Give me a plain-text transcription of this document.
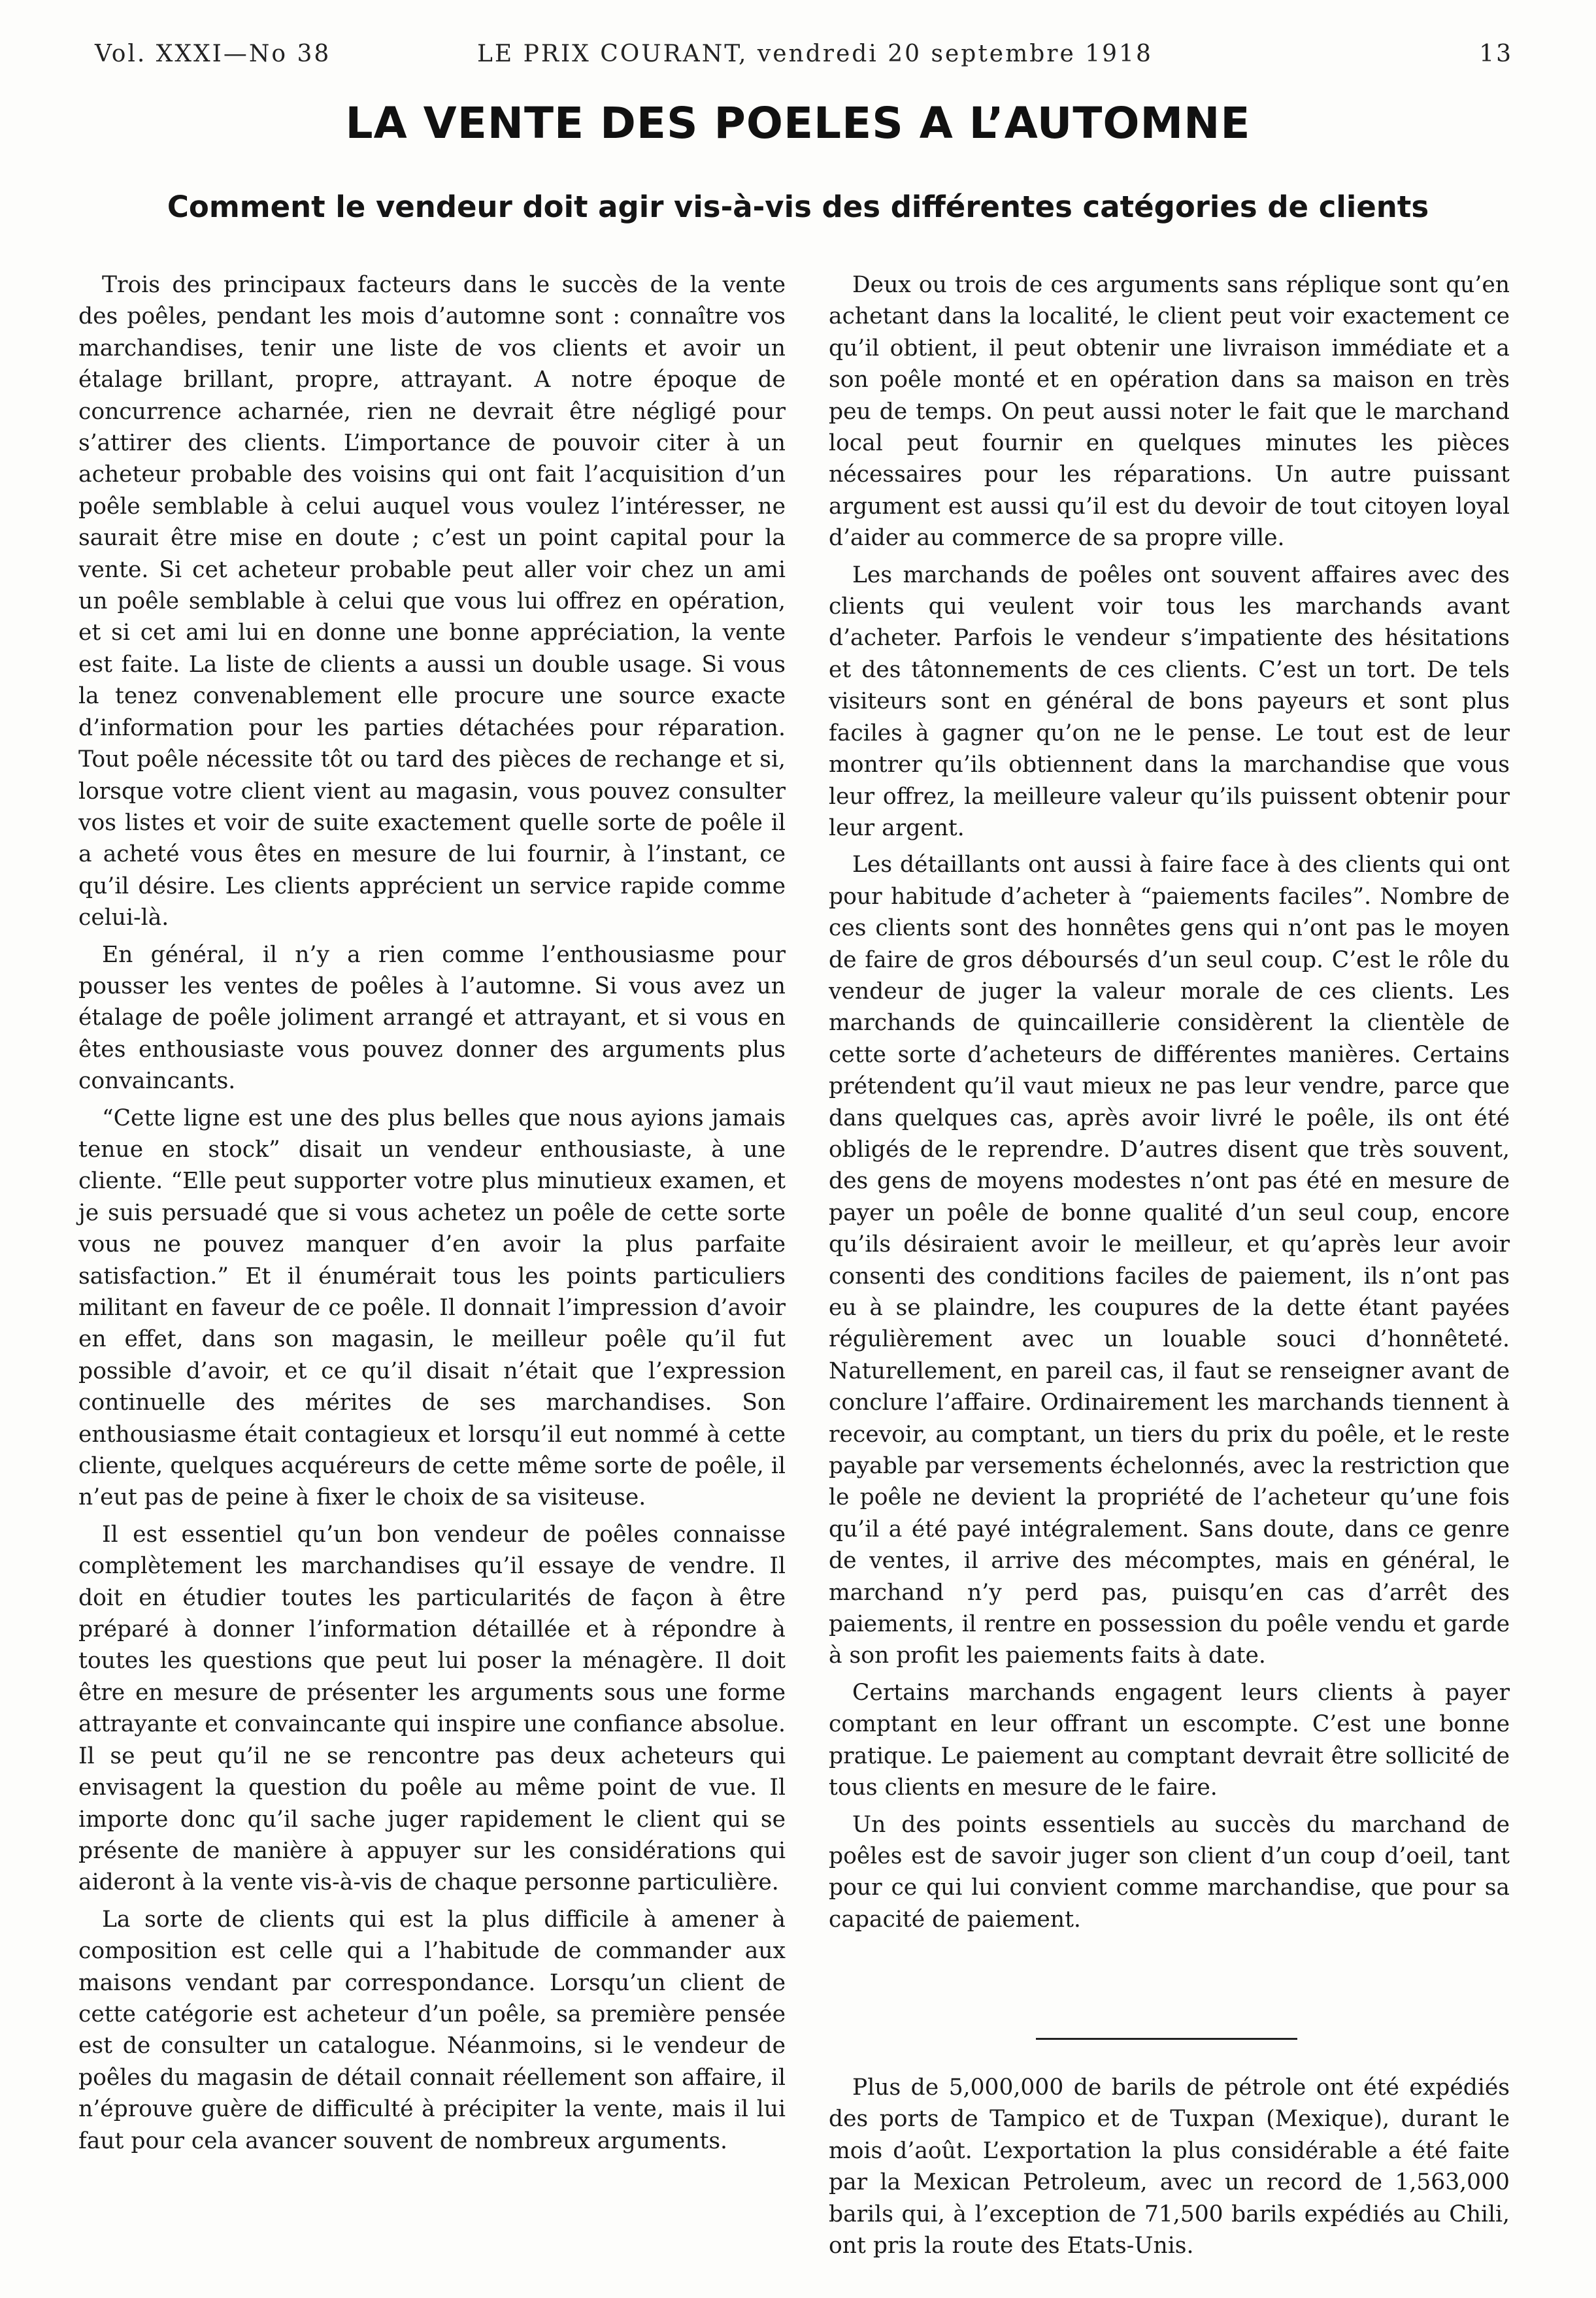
Vol. XXXI—No 38	LE PRIX COURANT, vendredi 20 septembre 1918	13
LA VENTE DES POELES A L’AUTOMNE
Comment le vendeur doit agir vis-à-vis des différentes catégories de clients

Trois des principaux facteurs dans le succès de la vente des poêles, pendant les mois d’automne sont : connaître vos marchandises, tenir une liste de vos clients et avoir un étalage brillant, propre, attrayant. A notre époque de concurrence acharnée, rien ne devrait être négligé pour s’attirer des clients. L’importance de pouvoir citer à un acheteur probable des voisins qui ont fait l’acquisition d’un poêle semblable à celui auquel vous voulez l’intéresser, ne saurait être mise en doute ; c’est un point capital pour la vente. Si cet acheteur probable peut aller voir chez un ami un poêle semblable à celui que vous lui offrez en opération, et si cet ami lui en donne une bonne appréciation, la vente est faite. La liste de clients a aussi un double usage. Si vous la tenez convenablement elle procure une source exacte d’information pour les parties détachées pour réparation. Tout poêle nécessite tôt ou tard des pièces de rechange et si, lorsque votre client vient au magasin, vous pouvez consulter vos listes et voir de suite exactement quelle sorte de poêle il a acheté vous êtes en mesure de lui fournir, à l’instant, ce qu’il désire. Les clients apprécient un service rapide comme celui-là.

En général, il n’y a rien comme l’enthousiasme pour pousser les ventes de poêles à l’automne. Si vous avez un étalage de poêle joliment arrangé et attrayant, et si vous en êtes enthousiaste vous pouvez donner des arguments plus convaincants.

“Cette ligne est une des plus belles que nous ayions jamais tenue en stock” disait un vendeur enthousiaste, à une cliente. “Elle peut supporter votre plus minutieux examen, et je suis persuadé que si vous achetez un poêle de cette sorte vous ne pouvez manquer d’en avoir la plus parfaite satisfaction.” Et il énumérait tous les points particuliers militant en faveur de ce poêle. Il donnait l’impression d’avoir en effet, dans son magasin, le meilleur poêle qu’il fut possible d’avoir, et ce qu’il disait n’était que l’expression continuelle des mérites de ses marchandises. Son enthousiasme était contagieux et lorsqu’il eut nommé à cette cliente, quelques acquéreurs de cette même sorte de poêle, il n’eut pas de peine à fixer le choix de sa visiteuse.

Il est essentiel qu’un bon vendeur de poêles connaisse complètement les marchandises qu’il essaye de vendre. Il doit en étudier toutes les particularités de façon à être préparé à donner l’information détaillée et à répondre à toutes les questions que peut lui poser la ménagère. Il doit être en mesure de présenter les arguments sous une forme attrayante et convaincante qui inspire une confiance absolue. Il se peut qu’il ne se rencontre pas deux acheteurs qui envisagent la question du poêle au même point de vue. Il importe donc qu’il sache juger rapidement le client qui se présente de manière à appuyer sur les considérations qui aideront à la vente vis-à-vis de chaque personne particulière.

La sorte de clients qui est la plus difficile à amener à composition est celle qui a l’habitude de commander aux maisons vendant par correspondance. Lorsqu’un client de cette catégorie est acheteur d’un poêle, sa première pensée est de consulter un catalogue. Néanmoins, si le vendeur de poêles du magasin de détail connait réellement son affaire, il n’éprouve guère de difficulté à précipiter la vente, mais il lui faut pour cela avancer souvent de nombreux arguments.

Deux ou trois de ces arguments sans réplique sont qu’en achetant dans la localité, le client peut voir exactement ce qu’il obtient, il peut obtenir une livraison immédiate et a son poêle monté et en opération dans sa maison en très peu de temps. On peut aussi noter le fait que le marchand local peut fournir en quelques minutes les pièces nécessaires pour les réparations. Un autre puissant argument est aussi qu’il est du devoir de tout citoyen loyal d’aider au commerce de sa propre ville.

Les marchands de poêles ont souvent affaires avec des clients qui veulent voir tous les marchands avant d’acheter. Parfois le vendeur s’impatiente des hésitations et des tâtonnements de ces clients. C’est un tort. De tels visiteurs sont en général de bons payeurs et sont plus faciles à gagner qu’on ne le pense. Le tout est de leur montrer qu’ils obtiennent dans la marchandise que vous leur offrez, la meilleure valeur qu’ils puissent obtenir pour leur argent.

Les détaillants ont aussi à faire face à des clients qui ont pour habitude d’acheter à “paiements faciles”. Nombre de ces clients sont des honnêtes gens qui n’ont pas le moyen de faire de gros déboursés d’un seul coup. C’est le rôle du vendeur de juger la valeur morale de ces clients. Les marchands de quincaillerie considèrent la clientèle de cette sorte d’acheteurs de différentes manières. Certains prétendent qu’il vaut mieux ne pas leur vendre, parce que dans quelques cas, après avoir livré le poêle, ils ont été obligés de le reprendre. D’autres disent que très souvent, des gens de moyens modestes n’ont pas été en mesure de payer un poêle de bonne qualité d’un seul coup, encore qu’ils désiraient avoir le meilleur, et qu’après leur avoir consenti des conditions faciles de paiement, ils n’ont pas eu à se plaindre, les coupures de la dette étant payées régulièrement avec un louable souci d’honnêteté. Naturellement, en pareil cas, il faut se renseigner avant de conclure l’affaire. Ordinairement les marchands tiennent à recevoir, au comptant, un tiers du prix du poêle, et le reste payable par versements échelonnés, avec la restriction que le poêle ne devient la propriété de l’acheteur qu’une fois qu’il a été payé intégralement. Sans doute, dans ce genre de ventes, il arrive des mécomptes, mais en général, le marchand n’y perd pas, puisqu’en cas d’arrêt des paiements, il rentre en possession du poêle vendu et garde à son profit les paiements faits à date.

Certains marchands engagent leurs clients à payer comptant en leur offrant un escompte. C’est une bonne pratique. Le paiement au comptant devrait être sollicité de tous clients en mesure de le faire.

Un des points essentiels au succès du marchand de poêles est de savoir juger son client d’un coup d’oeil, tant pour ce qui lui convient comme marchandise, que pour sa capacité de paiement.

Plus de 5,000,000 de barils de pétrole ont été expédiés des ports de Tampico et de Tuxpan (Mexique), durant le mois d’août. L’exportation la plus considérable a été faite par la Mexican Petroleum, avec un record de 1,563,000 barils qui, à l’exception de 71,500 barils expédiés au Chili, ont pris la route des Etats-Unis.
